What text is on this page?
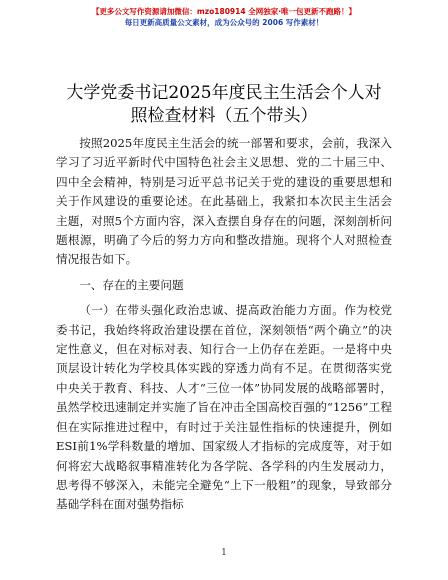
【更多公文写作资源请加微信：mzo180914 全网独家·唯一包更新不跑路！】
每日更新高质量公文素材，成为公众号的 2006 写作素材！
大学党委书记2025年度民主生活会个人对照检查材料（五个带头）

按照2025年度民主生活会的统一部署和要求，会前，我深入学习了习近平新时代中国特色社会主义思想、党的二十届三中、四中全会精神，特别是习近平总书记关于党的建设的重要思想和关于作风建设的重要论述。在此基础上，我紧扣本次民主生活会主题，对照5个方面内容，深入查摆自身存在的问题，深刻剖析问题根源，明确了今后的努力方向和整改措施。现将个人对照检查情况报告如下。

一、存在的主要问题

（一）在带头强化政治忠诚、提高政治能力方面。作为校党委书记，我始终将政治建设摆在首位，深刻领悟“两个确立”的决定性意义，但在对标对表、知行合一上仍存在差距。一是将中央顶层设计转化为学校具体实践的穿透力尚有不足。在贯彻落实党中央关于教育、科技、人才“三位一体”协同发展的战略部署时，虽然学校迅速制定并实施了旨在冲击全国高校百强的“1256”工程但在实际推进过程中，有时过于关注显性指标的快速提升，例如ESI前1%学科数量的增加、国家级人才指标的完成度等，对于如何将宏大战略叙事精准转化为各学院、各学科的内生发展动力，思考得不够深入，未能完全避免“上下一般粗”的现象，导致部分基础学科在面对强势指标

1
